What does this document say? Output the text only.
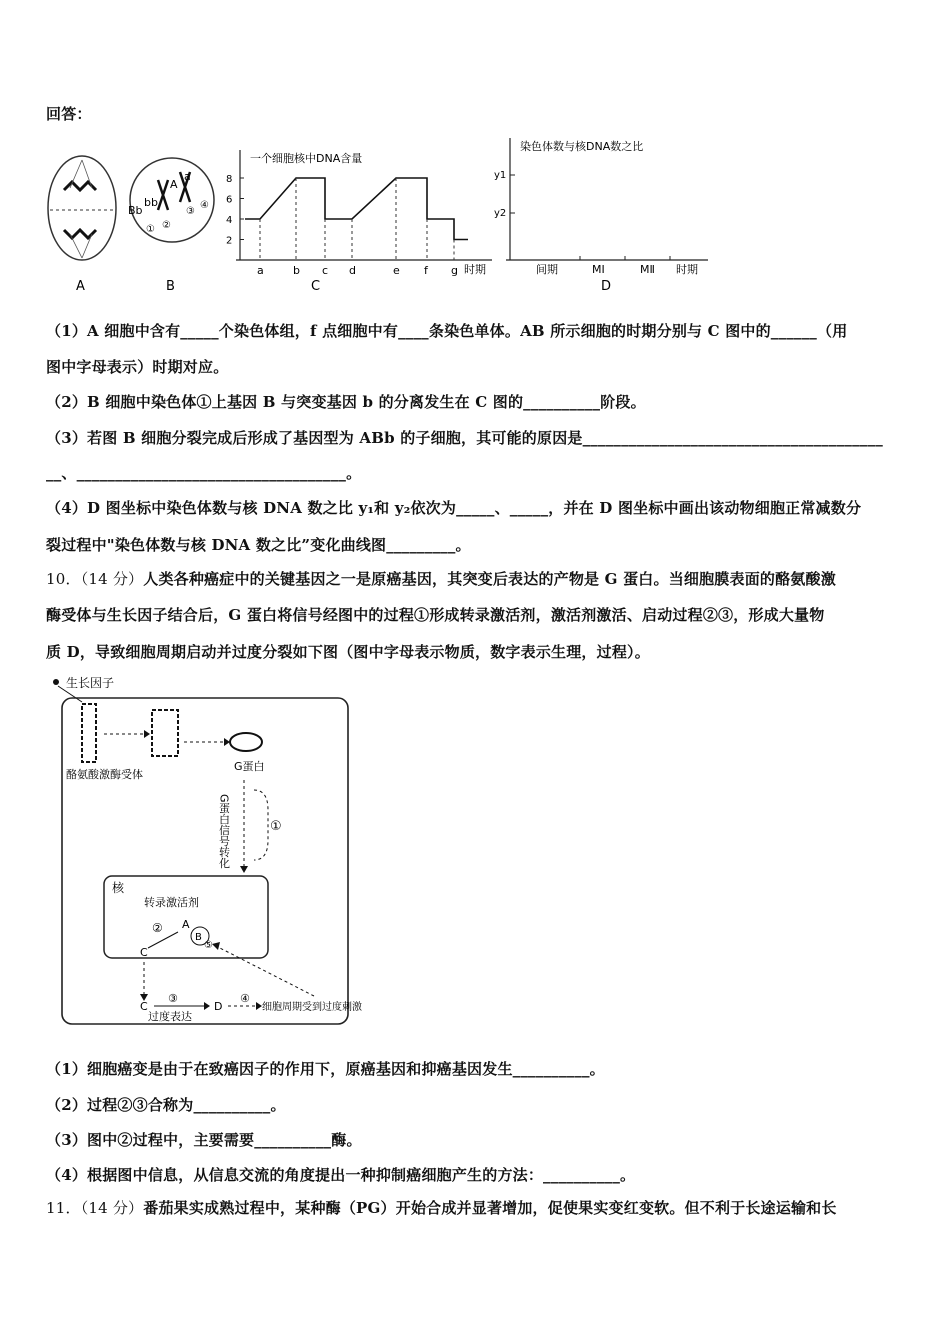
回答：
Bb
bb
A
a
① ②
③
④
A	B	C	D
一个细胞核中DNA含量
8
6
4
2
a	b c d	e f g 时期
染色体数与核DNA数之比
y1
y2
间期	MⅠ	MⅡ 时期
（1）A 细胞中含有_____个染色体组，f 点细胞中有____条染色单体。AB 所示细胞的时期分别与 C 图中的______（用
图中字母表示）时期对应。
（2）B 细胞中染色体①上基因 B 与突变基因 b 的分离发生在 C 图的__________阶段。
（3）若图 B 细胞分裂完成后形成了基因型为 ABb 的子细胞，其可能的原因是_______________________________________
__、___________________________________。
（4）D 图坐标中染色体数与核 DNA 数之比 y₁和 y₂依次为_____、_____，并在 D 图坐标中画出该动物细胞正常减数分
裂过程中"染色体数与核 DNA 数之比”变化曲线图_________。
10．（14 分）人类各种癌症中的关键基因之一是原癌基因，其突变后表达的产物是 G 蛋白。当细胞膜表面的酪氨酸激
酶受体与生长因子结合后，G 蛋白将信号经图中的过程①形成转录激活剂，激活剂激活、启动过程②③，形成大量物
质 D，导致细胞周期启动并过度分裂如下图（图中字母表示物质，数字表示生理，过程）。
生长因子
酪氨酸激酶受体
G蛋白
G蛋白信号转化	①
核
转录激活剂
A
B
②
C
C
③
过度表达
D
④
细胞周期受到过度刺激
⑤
（1）细胞癌变是由于在致癌因子的作用下，原癌基因和抑癌基因发生__________。
（2）过程②③合称为__________。
（3）图中②过程中，主要需要__________酶。
（4）根据图中信息，从信息交流的角度提出一种抑制癌细胞产生的方法：__________。
11．（14 分）番茄果实成熟过程中，某种酶（PG）开始合成并显著增加，促使果实变红变软。但不利于长途运输和长
